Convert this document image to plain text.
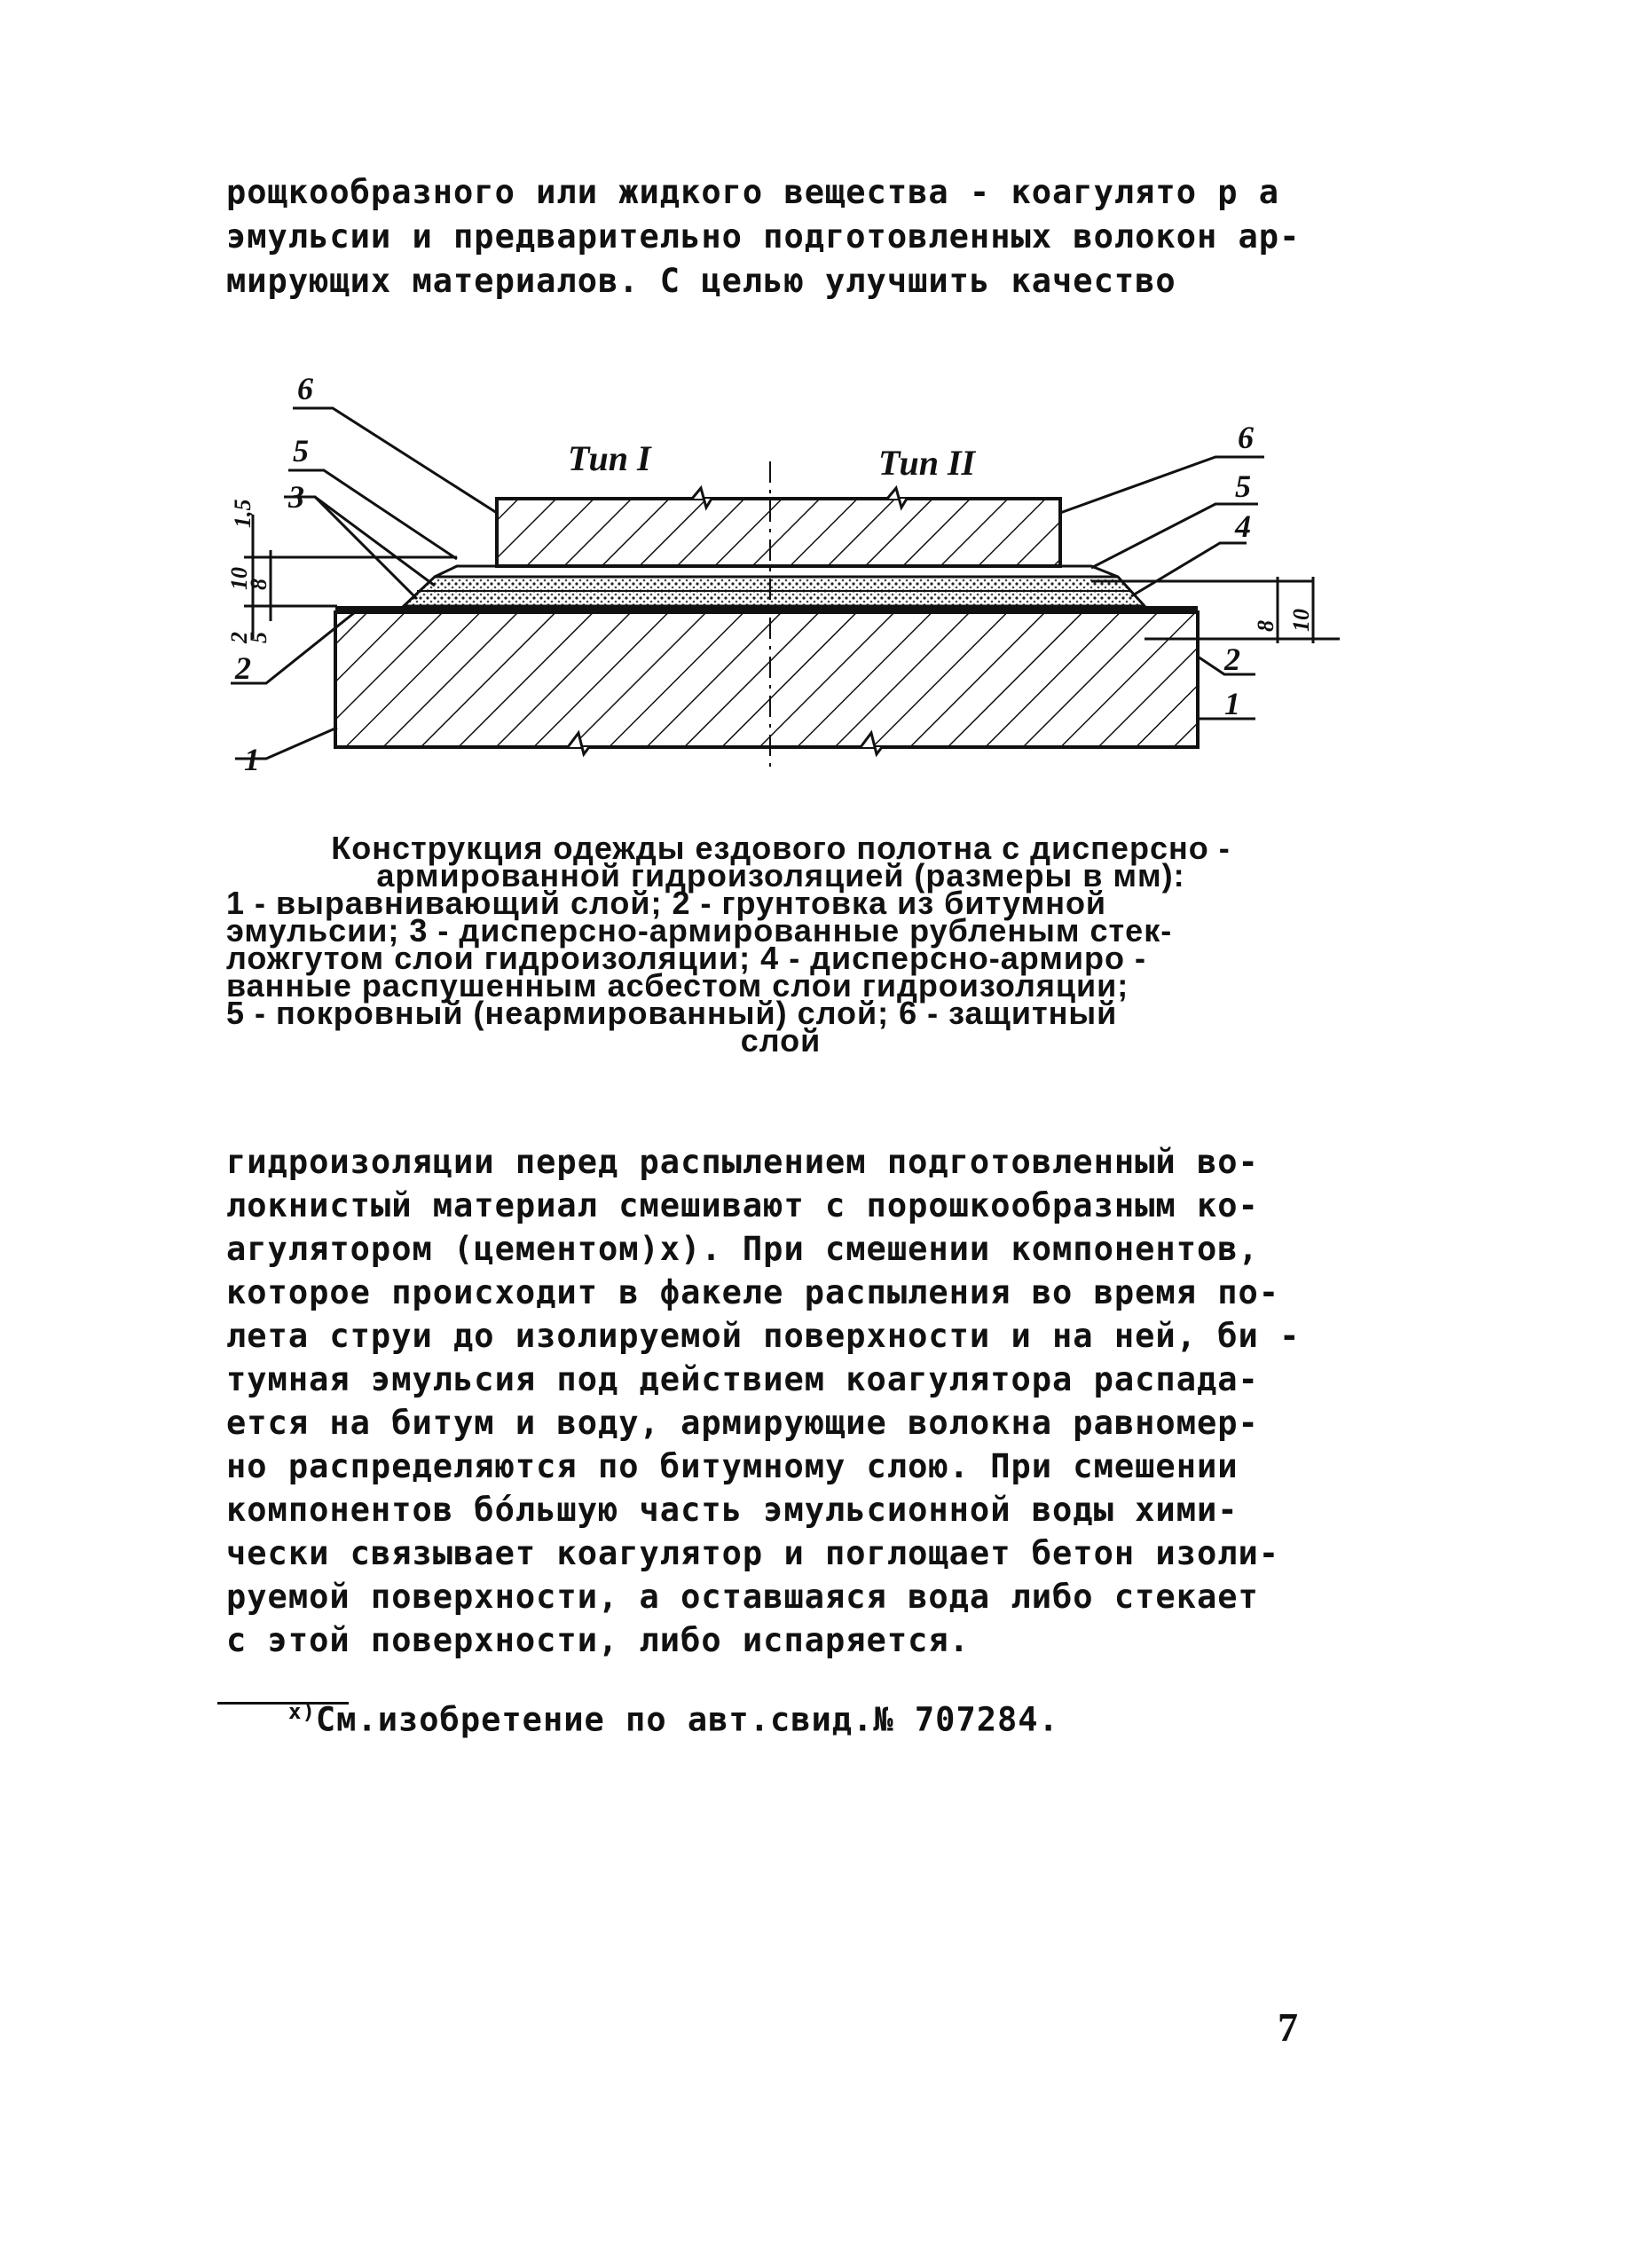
рощкообразного или жидкого вещества - коагулято р а
эмульсии и предварительно подготовленных волокон ар-
мирующих материалов. С целью улучшить качество
Тип I	Тип II
6
5
3
2
1
6
5
4
2
1
1,5
10
8
2
5
8 10
Конструкция одежды ездового полотна с дисперсно -
армированной гидроизоляцией (размеры в мм):
1 - выравнивающий слой; 2 - грунтовка из битумной
эмульсии; 3 - дисперсно-армированные рубленым стек-
ложгутом слои гидроизоляции; 4 - дисперсно-армиро -
ванные распушенным асбестом слои гидроизоляции;
5 - покровный (неармированный) слой; 6 - защитный
слой
гидроизоляции перед распылением подготовленный во-
локнистый материал смешивают с порошкообразным ко-
агулятором (цементом)х). При смешении компонентов,
которое происходит в факеле распыления во время по-
лета струи до изолируемой поверхности и на ней, би -
тумная эмульсия под действием коагулятора распада-
ется на битум и воду, армирующие волокна равномер-
но распределяются по битумному слою. При смешении
компонентов бо́льшую часть эмульсионной воды хими-
чески связывает коагулятор и поглощает бетон изоли-
руемой поверхности, а оставшаяся вода либо стекает
с этой поверхности, либо испаряется.

$^{х)}$См.изобретение по авт.свид.№ 707284.

7
